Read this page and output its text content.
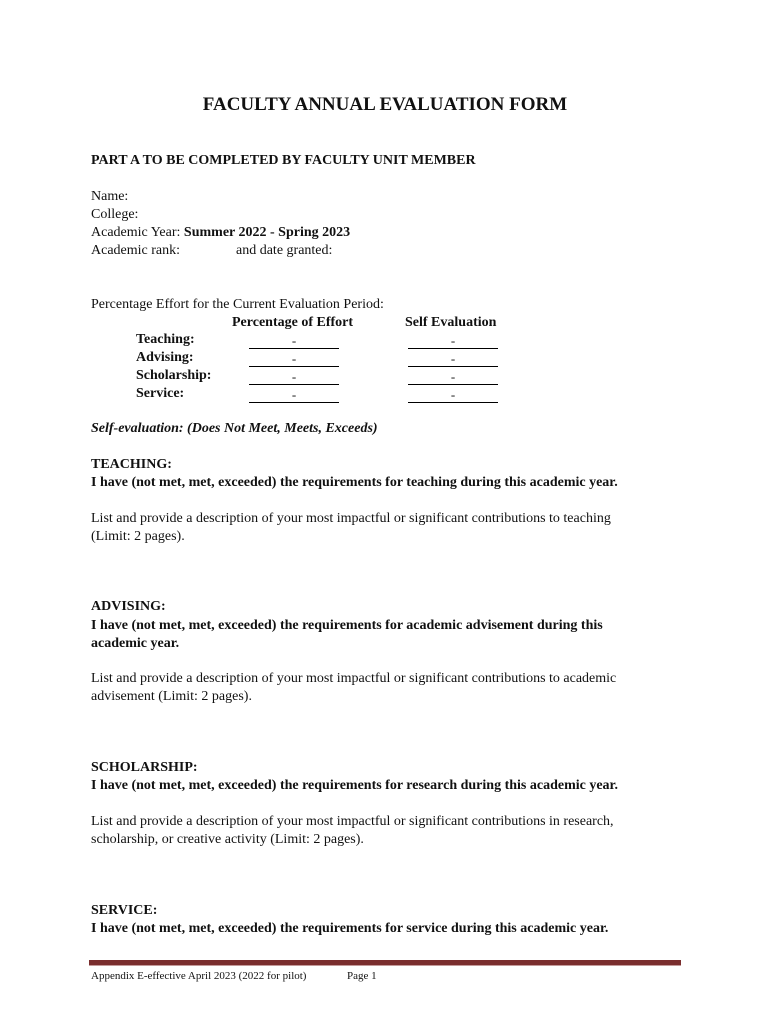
FACULTY ANNUAL EVALUATION FORM
PART A TO BE COMPLETED BY FACULTY UNIT MEMBER
Name:
College:
Academic Year: Summer 2022 - Spring 2023
Academic rank:	and date granted:
Percentage Effort for the Current Evaluation Period:
Percentage of Effort	Self Evaluation
Teaching:	-	-
Advising:	-	-
Scholarship:	-	-
Service:	-	-
Self-evaluation: (Does Not Meet, Meets, Exceeds)
TEACHING:
I have (not met, met, exceeded) the requirements for teaching during this academic year.
List and provide a description of your most impactful or significant contributions to teaching
(Limit: 2 pages).
ADVISING:
I have (not met, met, exceeded) the requirements for academic advisement during this
academic year.
List and provide a description of your most impactful or significant contributions to academic
advisement (Limit: 2 pages).
SCHOLARSHIP:
I have (not met, met, exceeded) the requirements for research during this academic year.
List and provide a description of your most impactful or significant contributions in research,
scholarship, or creative activity (Limit: 2 pages).
SERVICE:
I have (not met, met, exceeded) the requirements for service during this academic year.
Appendix E-effective April 2023 (2022 for pilot)	Page 1
